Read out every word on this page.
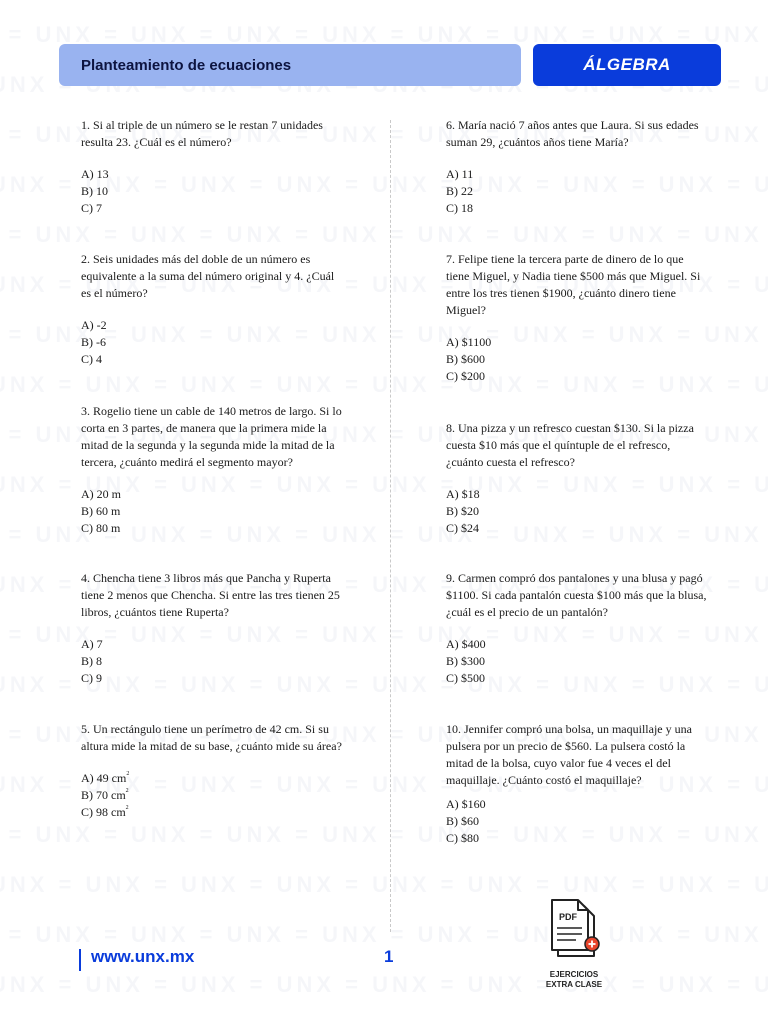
Planteamiento de ecuaciones	ÁLGEBRA

1. Si al triple de un número se le restan 7 unidades resulta 23. ¿Cuál es el número?

A) 13

B) 10

C) 7

2. Seis unidades más del doble de un número es equivalente a la suma del número original y 4. ¿Cuál es el número?

A) -2

B) -6

C) 4

3. Rogelio tiene un cable de 140 metros de largo. Si lo corta en 3 partes, de manera que la primera mide la mitad de la segunda y la segunda mide la mitad de la tercera, ¿cuánto medirá el segmento mayor?

A) 20 m

B) 60 m

C) 80 m

4. Chencha tiene 3 libros más que Pancha y Ruperta tiene 2 menos que Chencha. Si entre las tres tienen 25 libros, ¿cuántos tiene Ruperta?

A) 7

B) 8

C) 9

5. Un rectángulo tiene un perímetro de 42 cm. Si su altura mide la mitad de su base, ¿cuánto mide su área?

A) 49 $cm^2$

B) 70 $cm^2$

C) 98 $cm^2$

6. María nació 7 años antes que Laura. Si sus edades suman 29, ¿cuántos años tiene María?

A) 11

B) 22

C) 18

7. Felipe tiene la tercera parte de dinero de lo que tiene Miguel, y Nadia tiene $500 más que Miguel. Si entre los tres tienen $1900, ¿cuánto dinero tiene Miguel?

A) $1100

B) $600

C) $200

8. Una pizza y un refresco cuestan $130. Si la pizza cuesta $10 más que el quíntuple de el refresco, ¿cuánto cuesta el refresco?

A) $18

B) $20

C) $24

9. Carmen compró dos pantalones y una blusa y pagó $1100. Si cada pantalón cuesta $100 más que la blusa, ¿cuál es el precio de un pantalón?

A) $400

B) $300

C) $500

10. Jennifer compró una bolsa, un maquillaje y una pulsera por un precio de $560. La pulsera costó la mitad de la bolsa, cuyo valor fue 4 veces el del maquillaje. ¿Cuánto costó el maquillaje?

A) $160

B) $60

C) $80

www.unx.mx	1
PDF
EJERCICIOS
EXTRA CLASE
